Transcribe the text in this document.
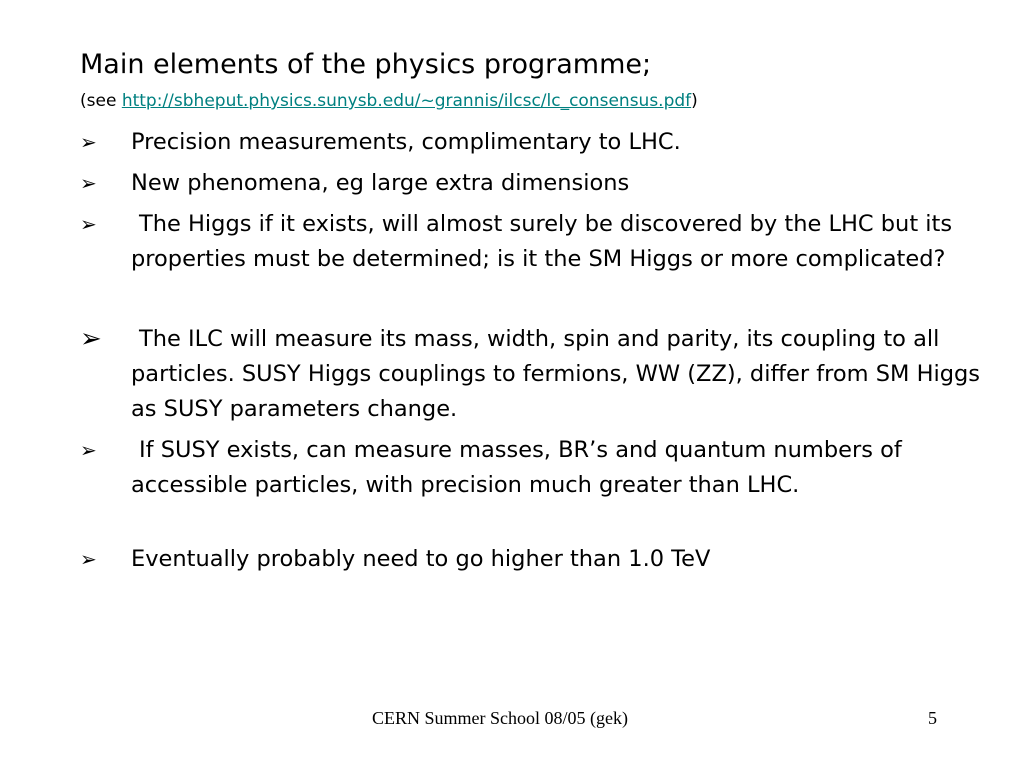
Main elements of the physics programme;
(see http://sbheput.physics.sunysb.edu/~grannis/ilcsc/lc_consensus.pdf)
➢ Precision measurements, complimentary to LHC.
➢ New phenomena, eg large extra dimensions
➢	The Higgs if it exists, will almost surely be discovered by the LHC but its properties must be determined; is it the SM Higgs or more complicated?
➢	The ILC will measure its mass, width, spin and parity, its coupling to all particles. SUSY Higgs couplings to fermions, WW (ZZ), differ from SM Higgs as SUSY parameters change.
➢	If SUSY exists, can measure masses, BR’s and quantum numbers of accessible particles, with precision much greater than LHC.
➢ Eventually probably need to go higher than 1.0 TeV
CERN Summer School 08/05 (gek)	5
